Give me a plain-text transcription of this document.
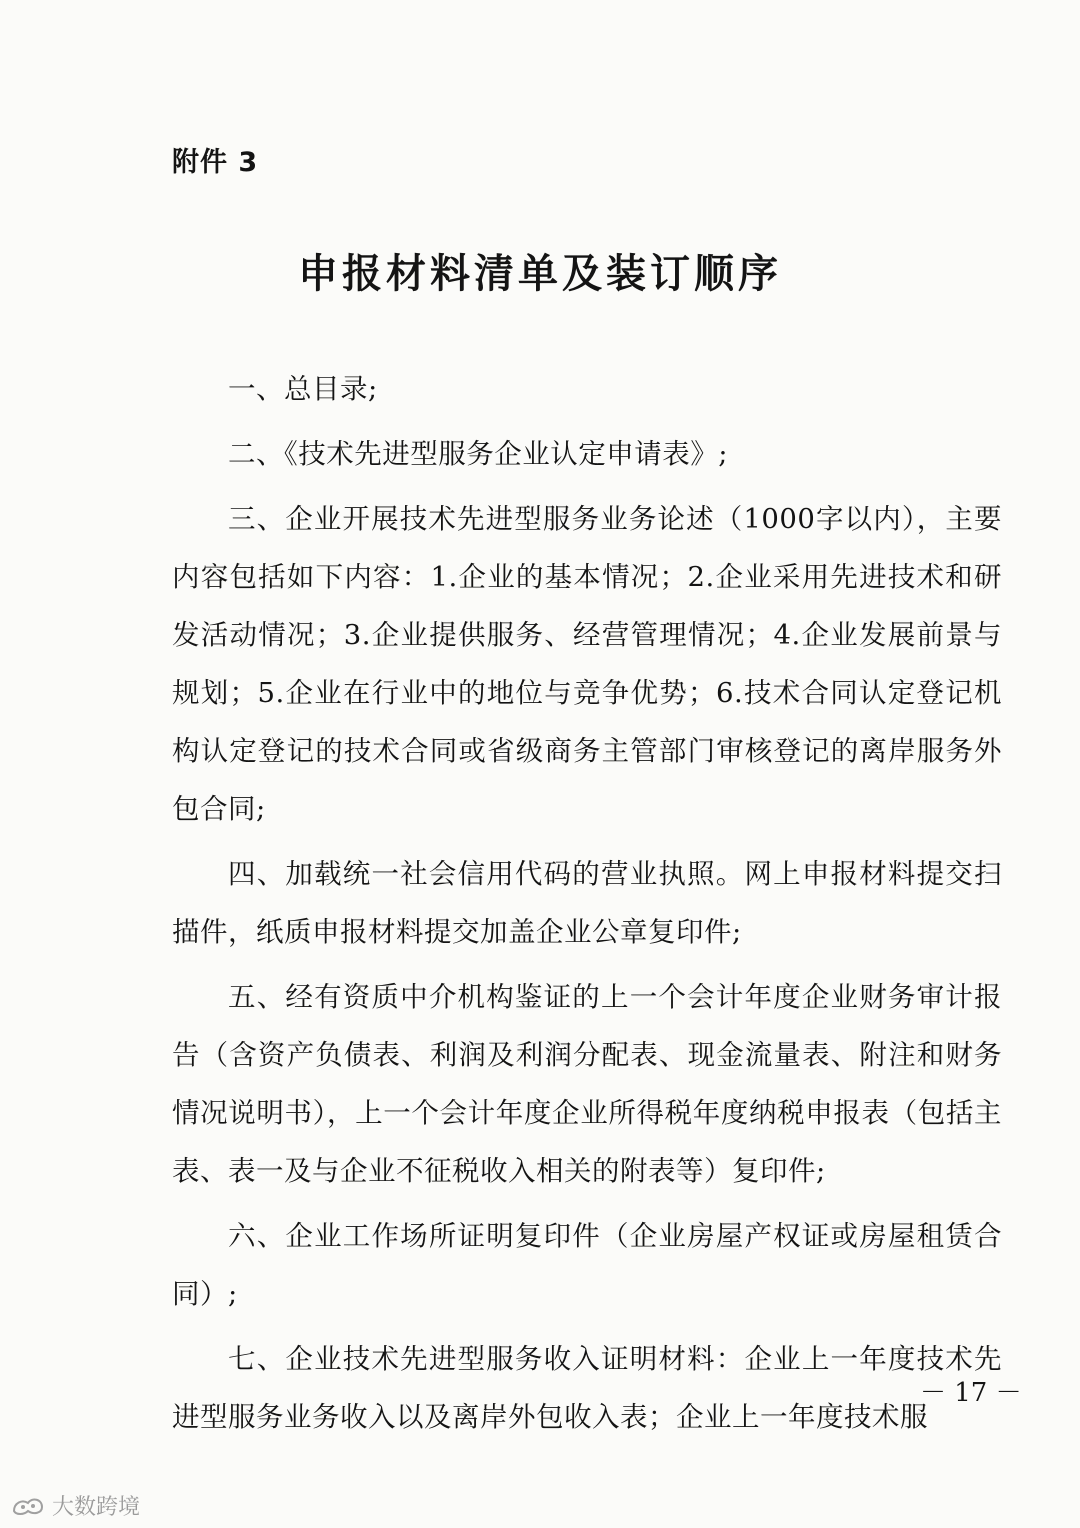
附件 3
申报材料清单及装订顺序

一、总目录;

二、《技术先进型服务企业认定申请表》;

三、企业开展技术先进型服务业务论述（1000字以内），主要内容包括如下内容：1.企业的基本情况；2.企业采用先进技术和研发活动情况；3.企业提供服务、经营管理情况；4.企业发展前景与规划；5.企业在行业中的地位与竞争优势；6.技术合同认定登记机构认定登记的技术合同或省级商务主管部门审核登记的离岸服务外包合同;

四、加载统一社会信用代码的营业执照。网上申报材料提交扫描件，纸质申报材料提交加盖企业公章复印件;

五、经有资质中介机构鉴证的上一个会计年度企业财务审计报告（含资产负债表、利润及利润分配表、现金流量表、附注和财务情况说明书），上一个会计年度企业所得税年度纳税申报表（包括主表、表一及与企业不征税收入相关的附表等）复印件;

六、企业工作场所证明复印件（企业房屋产权证或房屋租赁合同）;

七、企业技术先进型服务收入证明材料：企业上一年度技术先进型服务业务收入以及离岸外包收入表；企业上一年度技术服

－ 17 －
大数跨境
